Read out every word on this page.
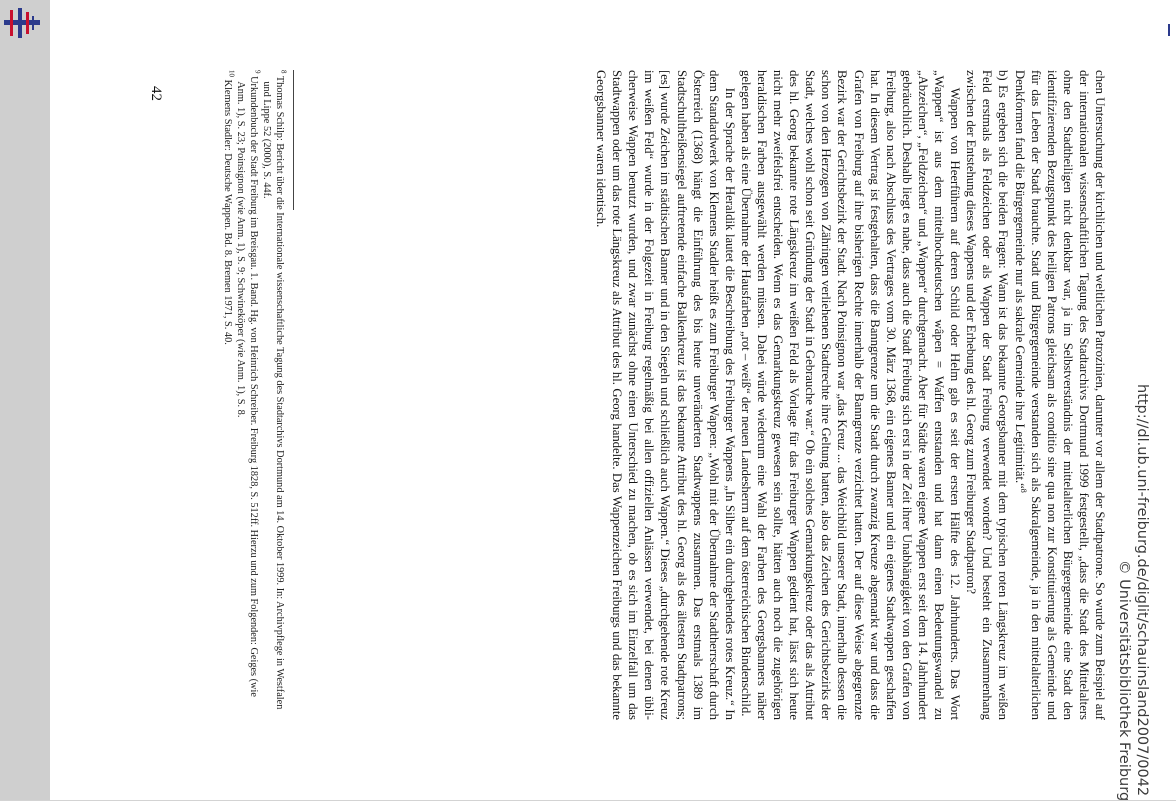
chen Untersuchung der kirchlichen und weltlichen Patrozinien, darunter vor allem der Stadtpatrone. So wurde zum Beispiel auf der internationalen wissenschaftlichen Tagung des Stadtarchivs Dortmund 1999 festgestellt, „dass die Stadt des Mittelalters ohne den Stadtheiligen nicht denkbar war, ja im Selbstverständnis der mittelalterlichen Bürgergemeinde eine Stadt den identifizierenden Bezugspunkt des heiligen Patrons gleichsam als conditio sine qua non zur Konstituierung als Gemeinde und für das Leben der Stadt brauchte. Stadt und Bürgergemeinde verstanden sich als Sakralgemeinde, ja in den mittelalterlichen Denkformen fand die Bürgergemeinde nur als sakrale Gemeinde ihre Legitimität.“$^8$

b) Es ergeben sich die beiden Fragen: Wann ist das bekannte Georgsbanner mit dem typischen roten Längskreuz im weißen Feld erstmals als Feldzeichen oder als Wappen der Stadt Freiburg verwendet worden? Und besteht ein Zusammenhang zwischen der Entstehung dieses Wappens und der Erhebung des hl. Georg zum Freiburger Stadtpatron?

Wappen von Heerführern auf deren Schild oder Helm gab es seit der ersten Hälfte des 12. Jahrhunderts. Das Wort „Wappen“ ist aus dem mittelhochdeutschen wâpen = Waffen entstanden und hat dann einen Bedeutungswandel zu „Abzeichen“, „Feldzeichen“ und „Wappen“ durchgemacht. Aber für Städte waren eigene Wappen erst seit dem 14. Jahrhundert gebräuchlich. Deshalb liegt es nahe, dass auch die Stadt Freiburg sich erst in der Zeit ihrer Unabhängigkeit von den Grafen von Freiburg, also nach Abschluss des Vertrages vom 30. März 1368, ein eigenes Banner und ein eigenes Stadtwappen geschaffen hat. In diesem Vertrag ist festgehalten, dass die Banngrenze um die Stadt durch zwanzig Kreuze abgemarkt war und dass die Grafen von Freiburg auf ihre bisherigen Rechte innerhalb der Banngrenze verzichtet hatten. Der auf diese Weise abgegrenzte Bezirk war der Gerichtsbezirk der Stadt. Nach Poinsignon war „das Kreuz ... das Weichbild unserer Stadt, innerhalb dessen die schon von den Herzogen von Zähringen verliehenen Stadtrechte ihre Geltung hatten, also das Zeichen des Gerichtsbezirks der Stadt, welches wohl schon seit Gründung der Stadt in Gebrauche war.“ Ob ein solches Gemarkungskreuz oder das als Attribut des hl. Georg bekannte rote Längskreuz im weißen Feld als Vorlage für das Freiburger Wappen gedient hat, lässt sich heute nicht mehr zweifelsfrei entscheiden. Wenn es das Gemarkungskreuz gewesen sein sollte, hätten auch noch die zugehörigen heraldischen Farben ausgewählt werden müssen. Dabei würde wiederum eine Wahl der Farben des Georgsbanners näher gelegen haben als eine Übernahme der Hausfarben „rot – weiß“ der neuen Landesherrn auf dem österreichischen Bindenschild.

In der Sprache der Heraldik lautet die Beschreibung des Freiburger Wappens „In Silber ein durchgehendes rotes Kreuz.“ In dem Standardwerk von Klemens Stadler heißt es zum Freiburger Wappen: „Wohl mit der Übernahme der Stadtherrschaft durch Österreich (1368) hängt die Einführung des bis heute unveränderten Stadtwappens zusammen. Das erstmals 1389 im Stadtschultheißensiegel auftretende einfache Balkenkreuz ist das bekannte Attribut des hl. Georg als des ältesten Stadtpatrons; [es] wurde Zeichen im städtischen Banner und in den Siegeln und schließlich auch Wappen.“ Dieses „durchgehende rote Kreuz im weißen Feld“ wurde in der Folgezeit in Freiburg regelmäßig bei allen offiziellen Anlässen verwendet, bei denen üblicherweise Wappen benutzt wurden, und zwar zunächst ohne einen Unterschied zu machen, ob es sich im Einzelfall um das Stadtwappen oder um das rote Längskreuz als Attribut des hl. Georg handelte. Das Wappenzeichen Freiburgs und das bekannte Georgsbanner waren identisch.

$^8$ Thomas Schilp: Bericht über die Internationale wissenschaftliche Tagung des Stadtarchivs Dortmund am 14. Oktober 1999. In: Archivpflege in Westfalen und Lippe 52 (2000), S. 44f.

$^9$ Urkundenbuch der Stadt Freiburg im Breisgau. 1. Band. Hg. von Heinrich Schreiber. Freiburg 1828, S. 512ff. Hierzu und zum Folgenden: Geiges (wie Anm. 1), S. 23; Poinsignon (wie Anm. 1), S. 9; Schwineköper (wie Anm. 1), S. 8.

$^{10}$ Klemens Stadler: Deutsche Wappen. Bd. 8. Bremen 1971, S. 40.

42
http://dl.ub.uni-freiburg.de/diglit/schauinsland2007/0042
© Universitätsbibliothek Freiburg
